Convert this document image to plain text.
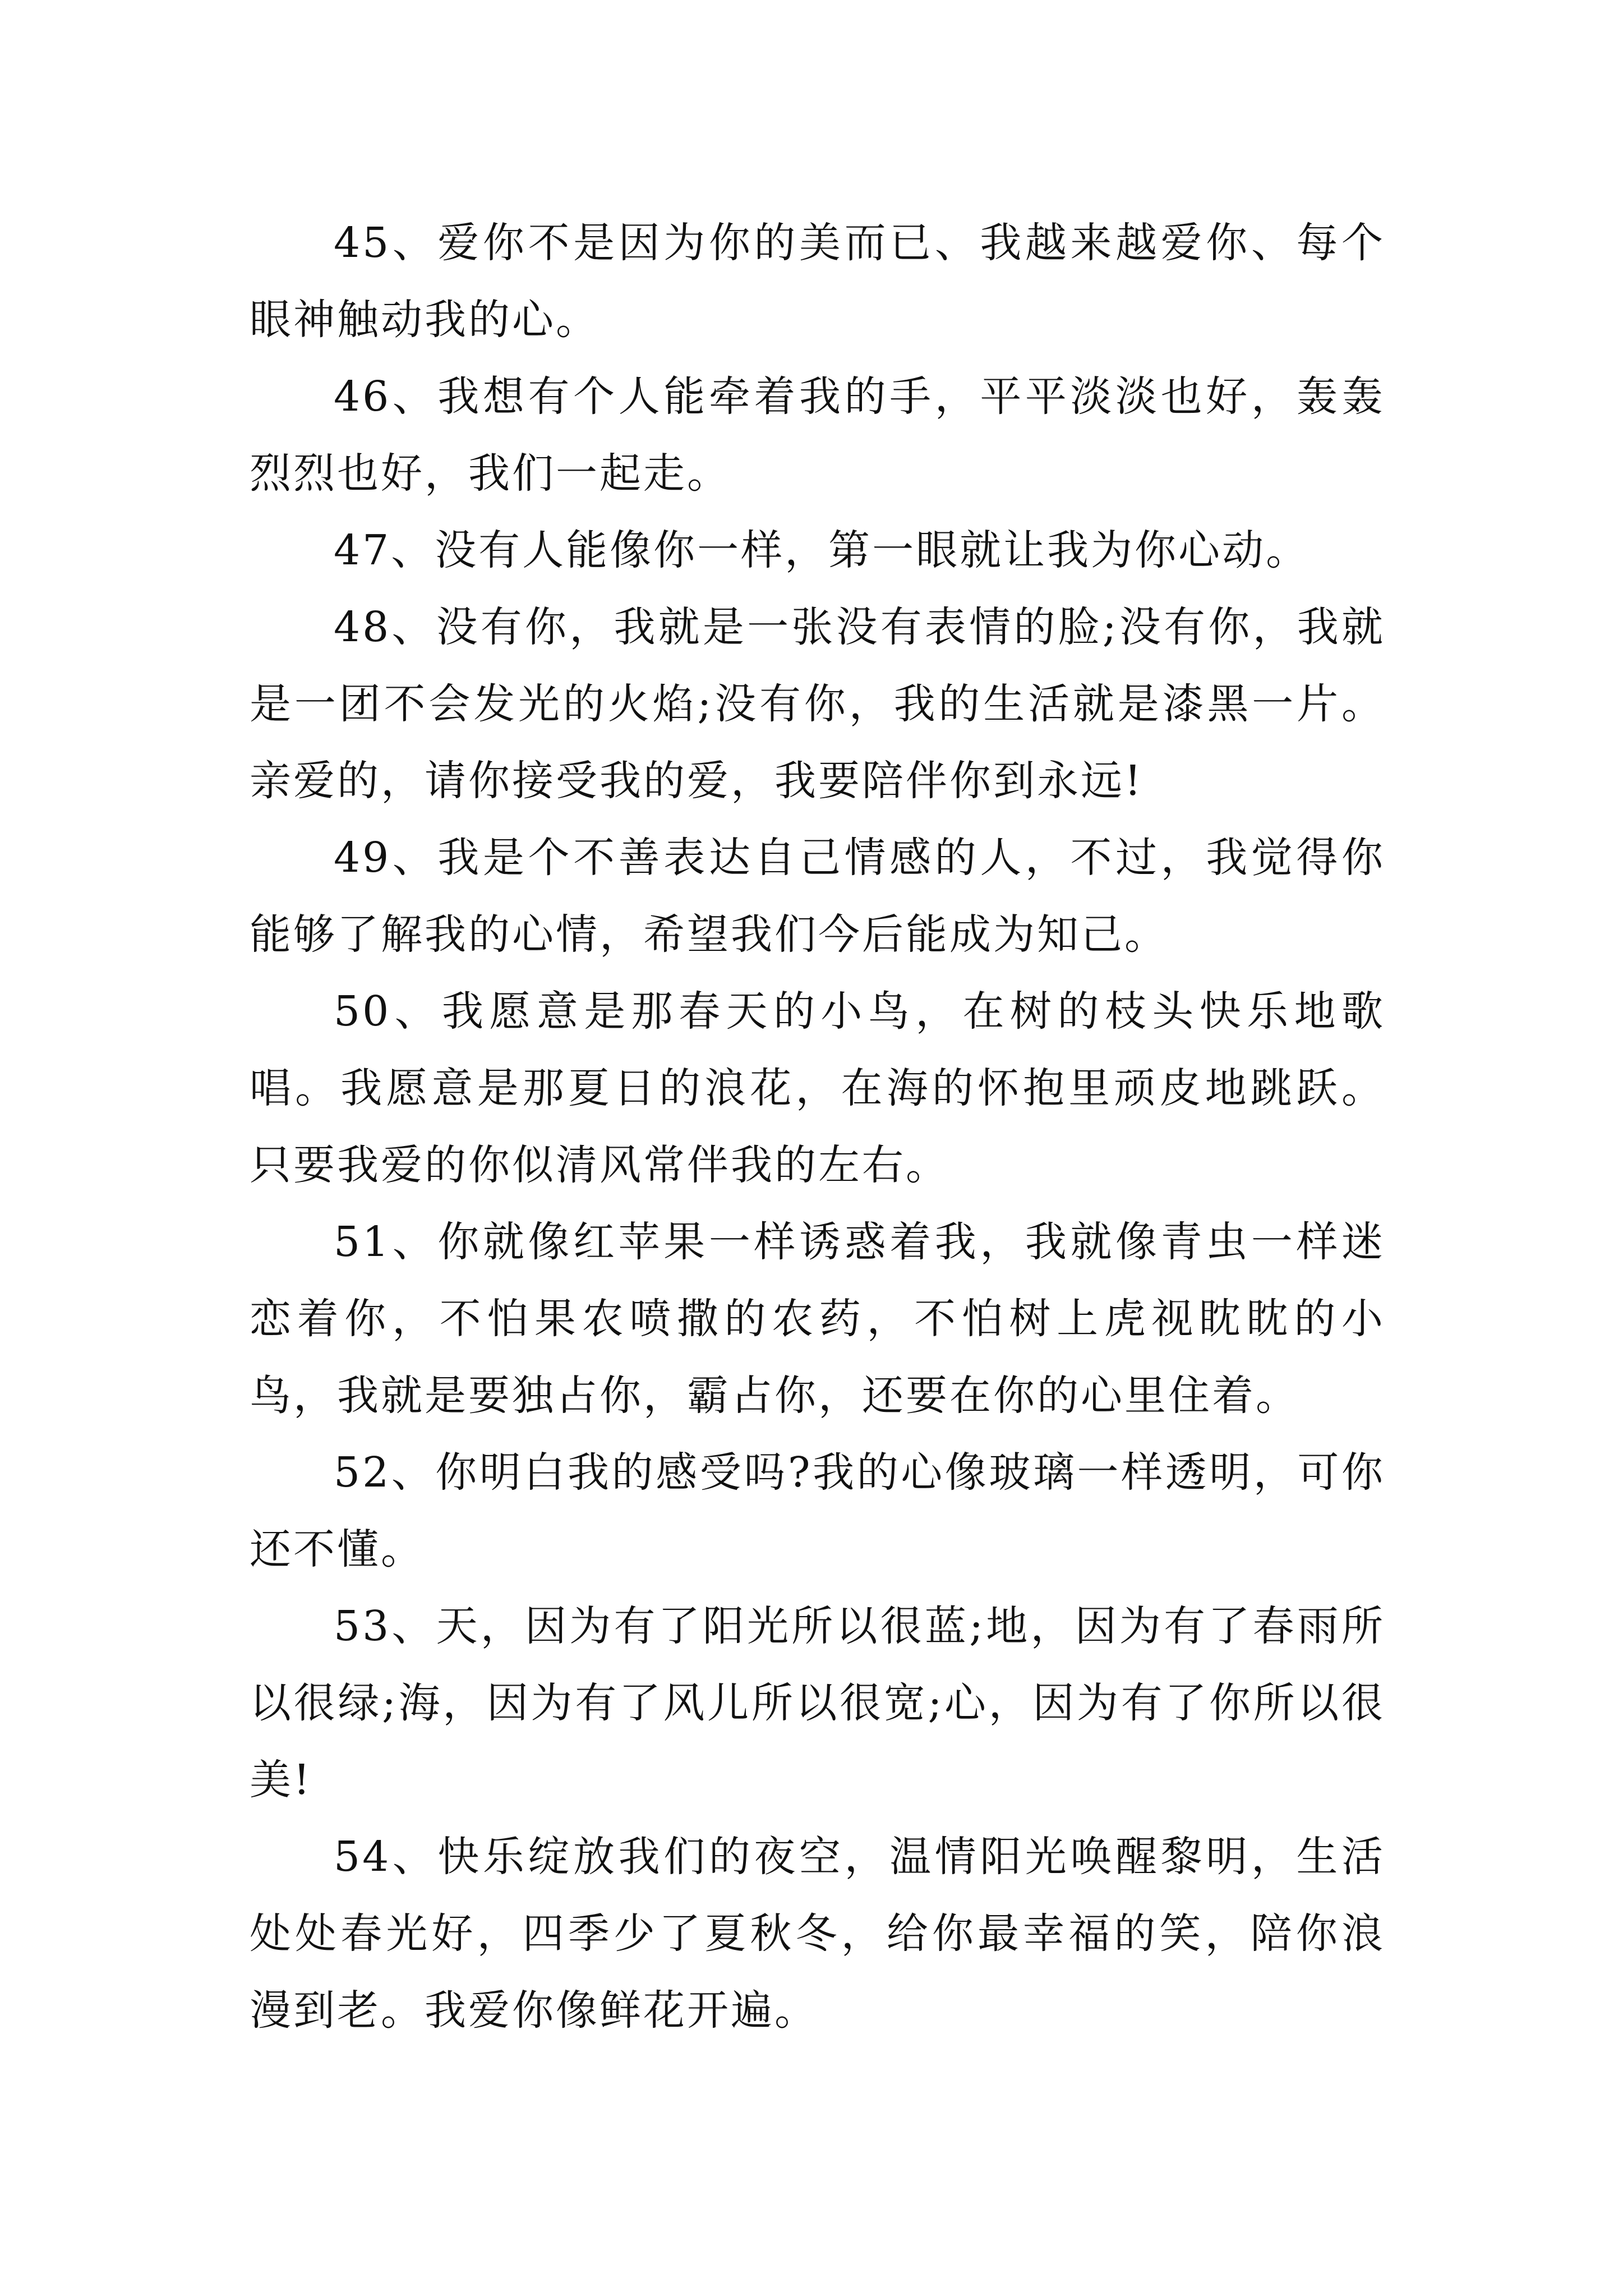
45、爱你不是因为你的美而已、我越来越爱你、每个眼神触动我的心。

46、我想有个人能牵着我的手，平平淡淡也好，轰轰烈烈也好，我们一起走。

47、没有人能像你一样，第一眼就让我为你心动。

48、没有你，我就是一张没有表情的脸;没有你，我就是一团不会发光的火焰;没有你，我的生活就是漆黑一片。亲爱的，请你接受我的爱，我要陪伴你到永远!

49、我是个不善表达自己情感的人，不过，我觉得你能够了解我的心情，希望我们今后能成为知己。

50、我愿意是那春天的小鸟，在树的枝头快乐地歌唱。我愿意是那夏日的浪花，在海的怀抱里顽皮地跳跃。只要我爱的你似清风常伴我的左右。

51、你就像红苹果一样诱惑着我，我就像青虫一样迷恋着你，不怕果农喷撒的农药，不怕树上虎视眈眈的小鸟，我就是要独占你，霸占你，还要在你的心里住着。

52、你明白我的感受吗?我的心像玻璃一样透明，可你还不懂。

53、天，因为有了阳光所以很蓝;地，因为有了春雨所以很绿;海，因为有了风儿所以很宽;心，因为有了你所以很美!

54、快乐绽放我们的夜空，温情阳光唤醒黎明，生活处处春光好，四季少了夏秋冬，给你最幸福的笑，陪你浪漫到老。我爱你像鲜花开遍。
